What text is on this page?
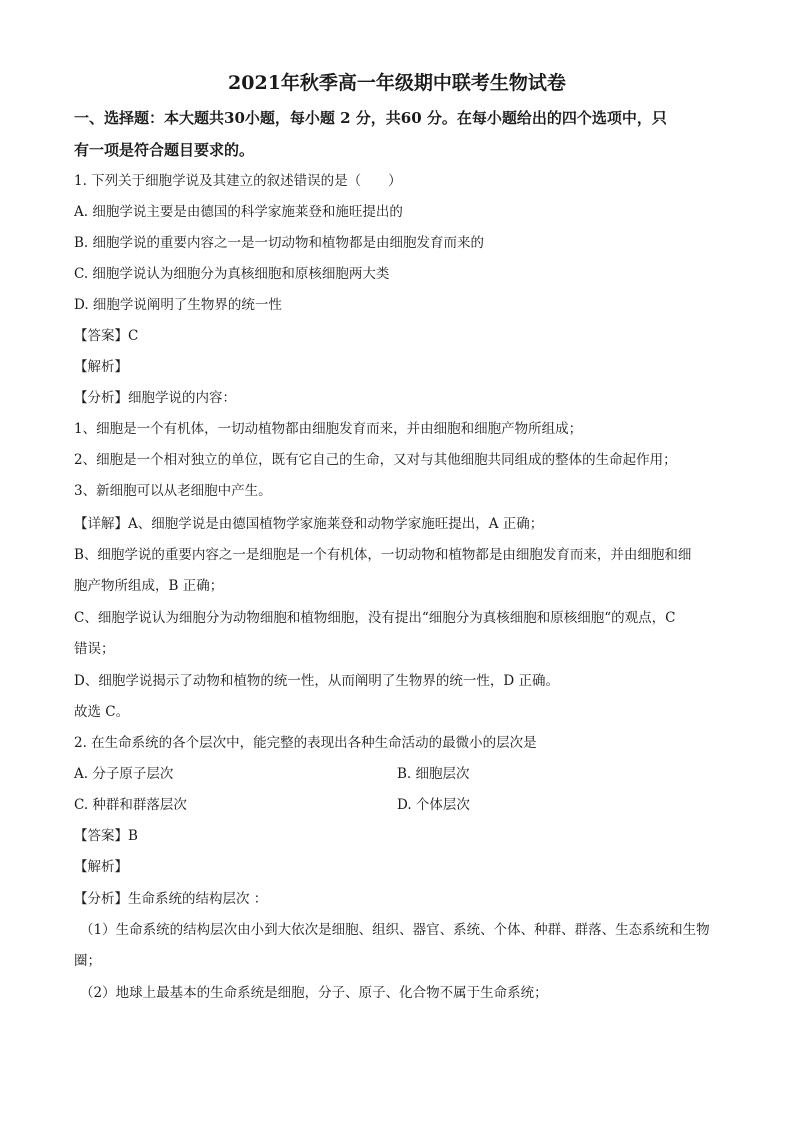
2021年秋季高一年级期中联考生物试卷
一、选择题：本大题共30小题，每小题 2 分，共60 分。在每小题给出的四个选项中，只
有一项是符合题目要求的。
1. 下列关于细胞学说及其建立的叙述错误的是（　　）
A. 细胞学说主要是由德国的科学家施莱登和施旺提出的
B. 细胞学说的重要内容之一是一切动物和植物都是由细胞发育而来的
C. 细胞学说认为细胞分为真核细胞和原核细胞两大类
D. 细胞学说阐明了生物界的统一性
【答案】C
【解析】
【分析】细胞学说的内容：
1、细胞是一个有机体，一切动植物都由细胞发育而来，并由细胞和细胞产物所组成；
2、细胞是一个相对独立的单位，既有它自己的生命，又对与其他细胞共同组成的整体的生命起作用；
3、新细胞可以从老细胞中产生。
【详解】A、细胞学说是由德国植物学家施莱登和动物学家施旺提出，A 正确；
B、细胞学说的重要内容之一是细胞是一个有机体，一切动物和植物都是由细胞发育而来，并由细胞和细
胞产物所组成，B 正确；
C、细胞学说认为细胞分为动物细胞和植物细胞，没有提出“细胞分为真核细胞和原核细胞“的观点，C
错误；
D、细胞学说揭示了动物和植物的统一性，从而阐明了生物界的统一性，D 正确。
故选 C。
2. 在生命系统的各个层次中，能完整的表现出各种生命活动的最微小的层次是
A. 分子原子层次	B. 细胞层次
C. 种群和群落层次	D. 个体层次
【答案】B
【解析】
【分析】生命系统的结构层次 ：
（1）生命系统的结构层次由小到大依次是细胞、组织、器官、系统、个体、种群、群落、生态系统和生物
圈；
（2）地球上最基本的生命系统是细胞，分子、原子、化合物不属于生命系统；
